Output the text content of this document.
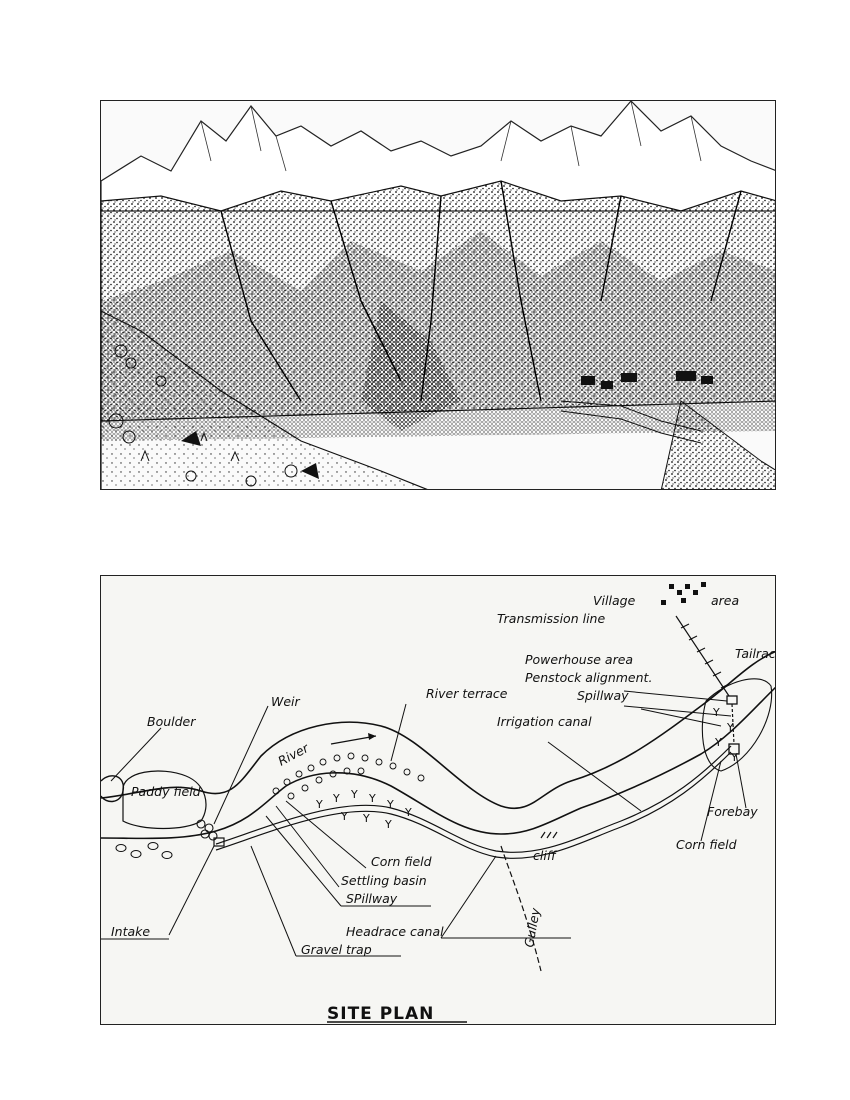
Y Y Y Y Y
Y
Y Y Y
Y
Y
Y
Y
Village	area
Transmission line
Powerhouse area
Penstock alignment.
Tailrac
Spillway
Irrigation canal
River terrace
Weir
Boulder
Paddy field
River
Corn field
Settling basin
SPillway
Headrace canal
Gravel trap
Intake	Gulley
cliff
Forebay
Corn field
SITE PLAN
